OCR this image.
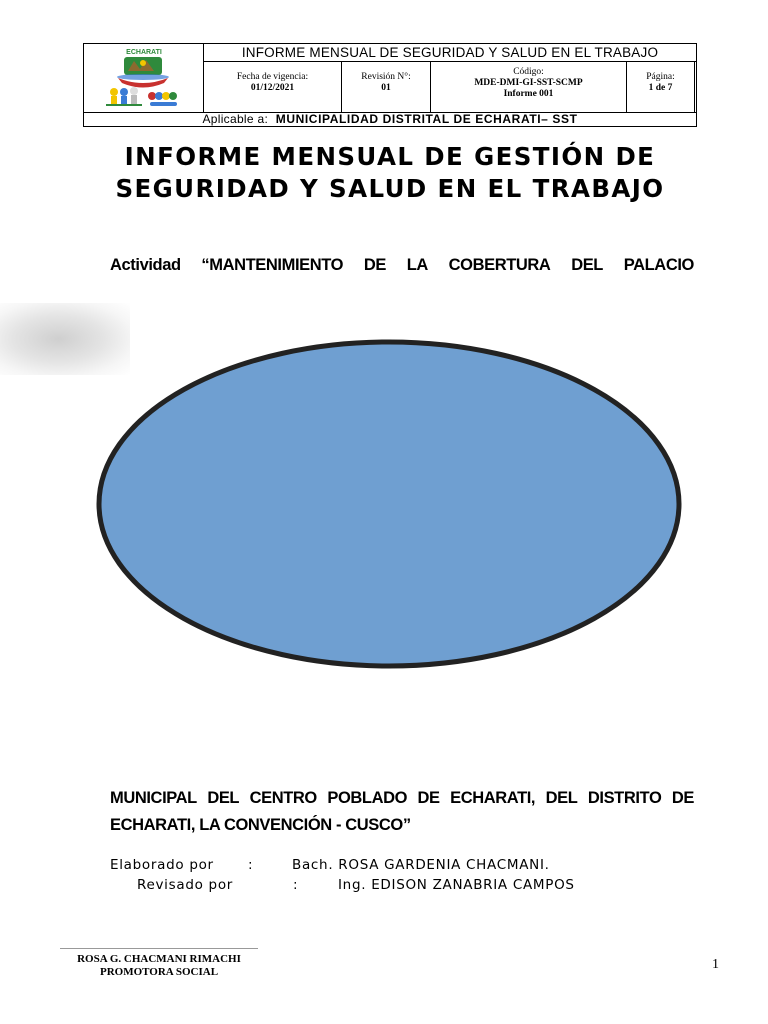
ECHARATI	INFORME MENSUAL DE SEGURIDAD Y SALUD EN EL TRABAJO
Fecha de vigencia:
01/12/2021
Revisión N°:
01
Código:
MDE-DMI-GI-SST-SCMP
Informe 001
Página:
1 de 7
Aplicable a: MUNICIPALIDAD DISTRITAL DE ECHARATI– SST
INFORME MENSUAL DE GESTIÓN DE SEGURIDAD Y SALUD EN EL TRABAJO
Actividad “MANTENIMIENTO DE LA COBERTURA DEL PALACIO
MUNICIPAL DEL CENTRO POBLADO DE ECHARATI, DEL DISTRITO DE
ECHARATI, LA CONVENCIÓN - CUSCO”
Elaborado por	:	Bach. ROSA GARDENIA CHACMANI.
Revisado por	:	Ing. EDISON ZANABRIA CAMPOS
ROSA G. CHACMANI RIMACHI
PROMOTORA SOCIAL	1
